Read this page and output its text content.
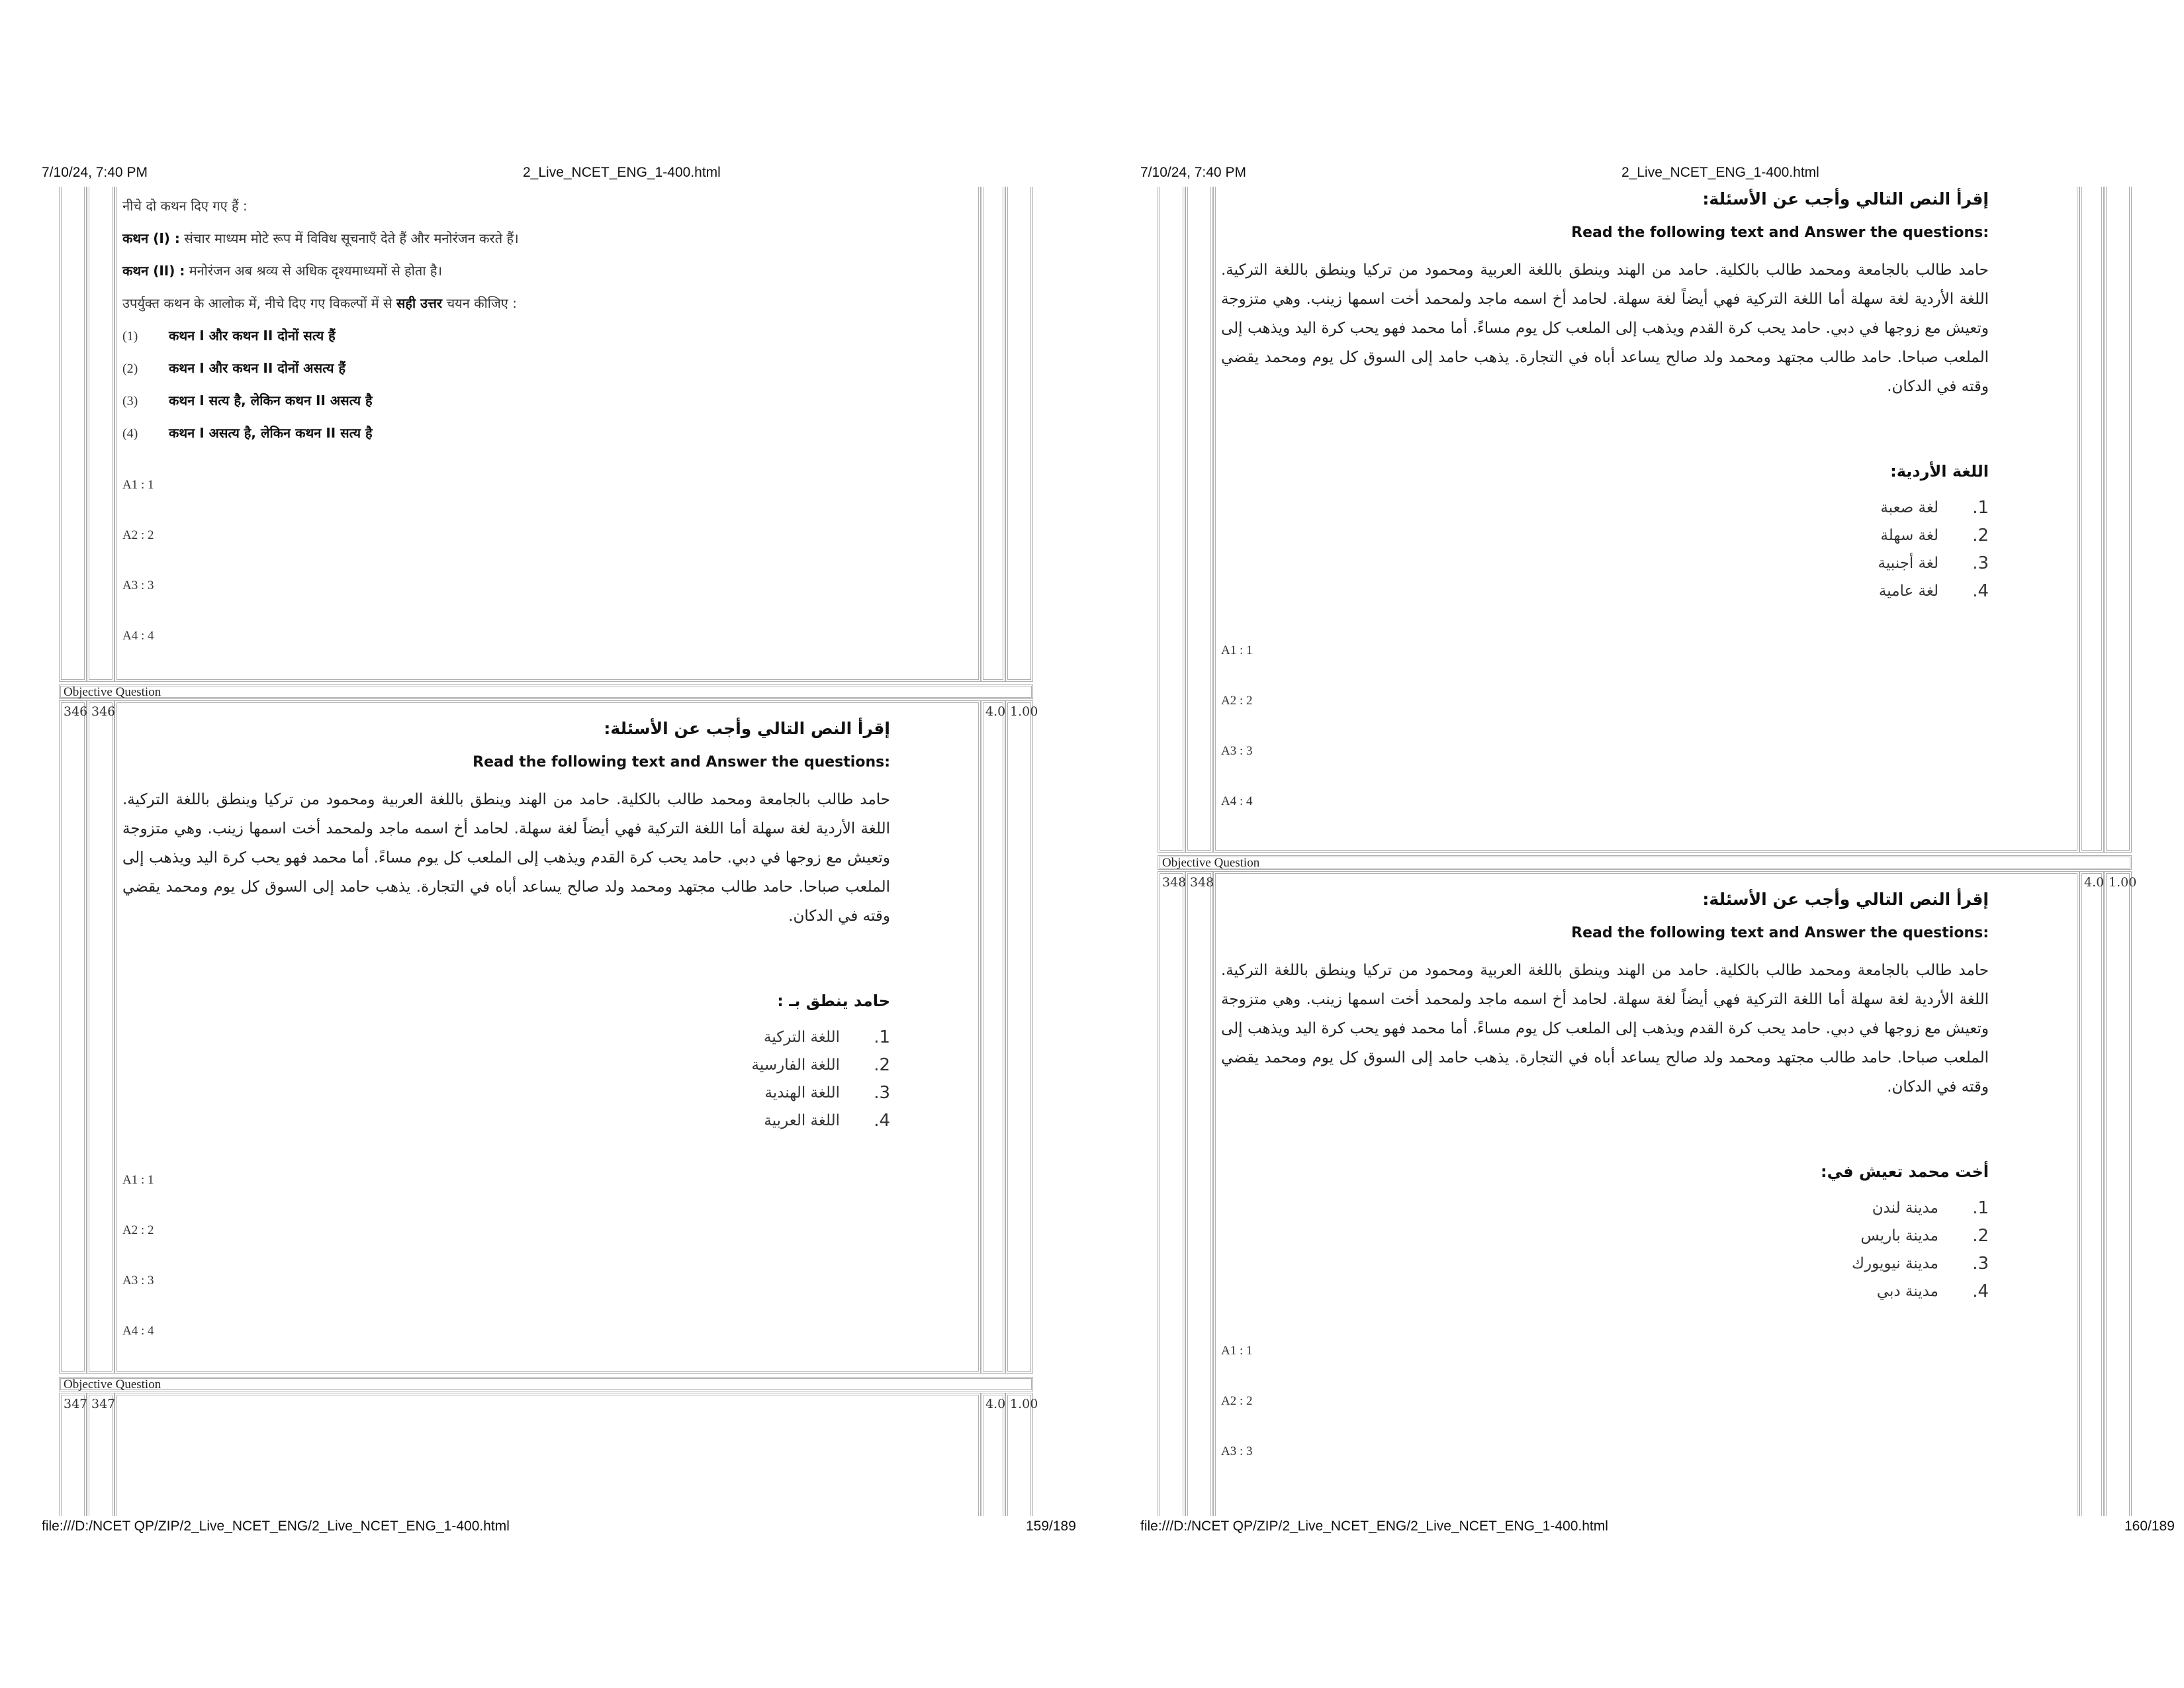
7/10/24, 7:40 PM	2_Live_NCET_ENG_1-400.html
file:///D:/NCET QP/ZIP/2_Live_NCET_ENG/2_Live_NCET_ENG_1-400.html	159/189
नीचे दो कथन दिए गए हैं :
कथन (I) : संचार माध्यम मोटे रूप में विविध सूचनाएँ देते हैं और मनोरंजन करते हैं।
कथन (II) : मनोरंजन अब श्रव्य से अधिक दृश्यमाध्यमों से होता है।
उपर्युक्त कथन के आलोक में, नीचे दिए गए विकल्पों में से सही उत्तर चयन कीजिए :
(1) कथन I और कथन II दोनों सत्य हैं
(2) कथन I और कथन II दोनों असत्य हैं
(3) कथन I सत्य है, लेकिन कथन II असत्य है
(4) कथन I असत्य है, लेकिन कथन II सत्य है
A1 : 1
A2 : 2
A3 : 3
A4 : 4
Objective Question
346 346	4.0 1.00
إقرأ النص التالي وأجب عن الأسئلة:
Read the following text and Answer the questions:
حامد طالب بالجامعة ومحمد طالب بالكلية. حامد من الهند وينطق باللغة العربية ومحمود من تركيا وينطق باللغة التركية. اللغة الأردية لغة سهلة أما اللغة التركية فهي أيضاً لغة سهلة. لحامد أخ اسمه ماجد ولمحمد أخت اسمها زينب. وهي متزوجة وتعيش مع زوجها في دبي. حامد يحب كرة القدم ويذهب إلى الملعب كل يوم مساءً. أما محمد فهو يحب كرة اليد ويذهب إلى الملعب صباحا. حامد طالب مجتهد ومحمد ولد صالح يساعد أباه في التجارة. يذهب حامد إلى السوق كل يوم ومحمد يقضي وقته في الدكان.
حامد ينطق بـ :
1.
اللغة التركية
2.
اللغة الفارسية
3.
اللغة الهندية
4.
اللغة العربية
A1 : 1
A2 : 2
A3 : 3
A4 : 4
Objective Question
347 347	4.0 1.00
7/10/24, 7:40 PM	2_Live_NCET_ENG_1-400.html
file:///D:/NCET QP/ZIP/2_Live_NCET_ENG/2_Live_NCET_ENG_1-400.html	160/189
إقرأ النص التالي وأجب عن الأسئلة:
Read the following text and Answer the questions:
حامد طالب بالجامعة ومحمد طالب بالكلية. حامد من الهند وينطق باللغة العربية ومحمود من تركيا وينطق باللغة التركية. اللغة الأردية لغة سهلة أما اللغة التركية فهي أيضاً لغة سهلة. لحامد أخ اسمه ماجد ولمحمد أخت اسمها زينب. وهي متزوجة وتعيش مع زوجها في دبي. حامد يحب كرة القدم ويذهب إلى الملعب كل يوم مساءً. أما محمد فهو يحب كرة اليد ويذهب إلى الملعب صباحا. حامد طالب مجتهد ومحمد ولد صالح يساعد أباه في التجارة. يذهب حامد إلى السوق كل يوم ومحمد يقضي وقته في الدكان.
اللغة الأردية:
1.
لغة صعبة
2.
لغة سهلة
3.
لغة أجنبية
4.
لغة عامية
A1 : 1
A2 : 2
A3 : 3
A4 : 4
Objective Question
348 348	4.0 1.00
إقرأ النص التالي وأجب عن الأسئلة:
Read the following text and Answer the questions:
حامد طالب بالجامعة ومحمد طالب بالكلية. حامد من الهند وينطق باللغة العربية ومحمود من تركيا وينطق باللغة التركية. اللغة الأردية لغة سهلة أما اللغة التركية فهي أيضاً لغة سهلة. لحامد أخ اسمه ماجد ولمحمد أخت اسمها زينب. وهي متزوجة وتعيش مع زوجها في دبي. حامد يحب كرة القدم ويذهب إلى الملعب كل يوم مساءً. أما محمد فهو يحب كرة اليد ويذهب إلى الملعب صباحا. حامد طالب مجتهد ومحمد ولد صالح يساعد أباه في التجارة. يذهب حامد إلى السوق كل يوم ومحمد يقضي وقته في الدكان.
أخت محمد تعيش في:
1.
مدينة لندن
2.
مدينة باريس
3.
مدينة نيويورك
4.
مدينة دبي
A1 : 1
A2 : 2
A3 : 3
